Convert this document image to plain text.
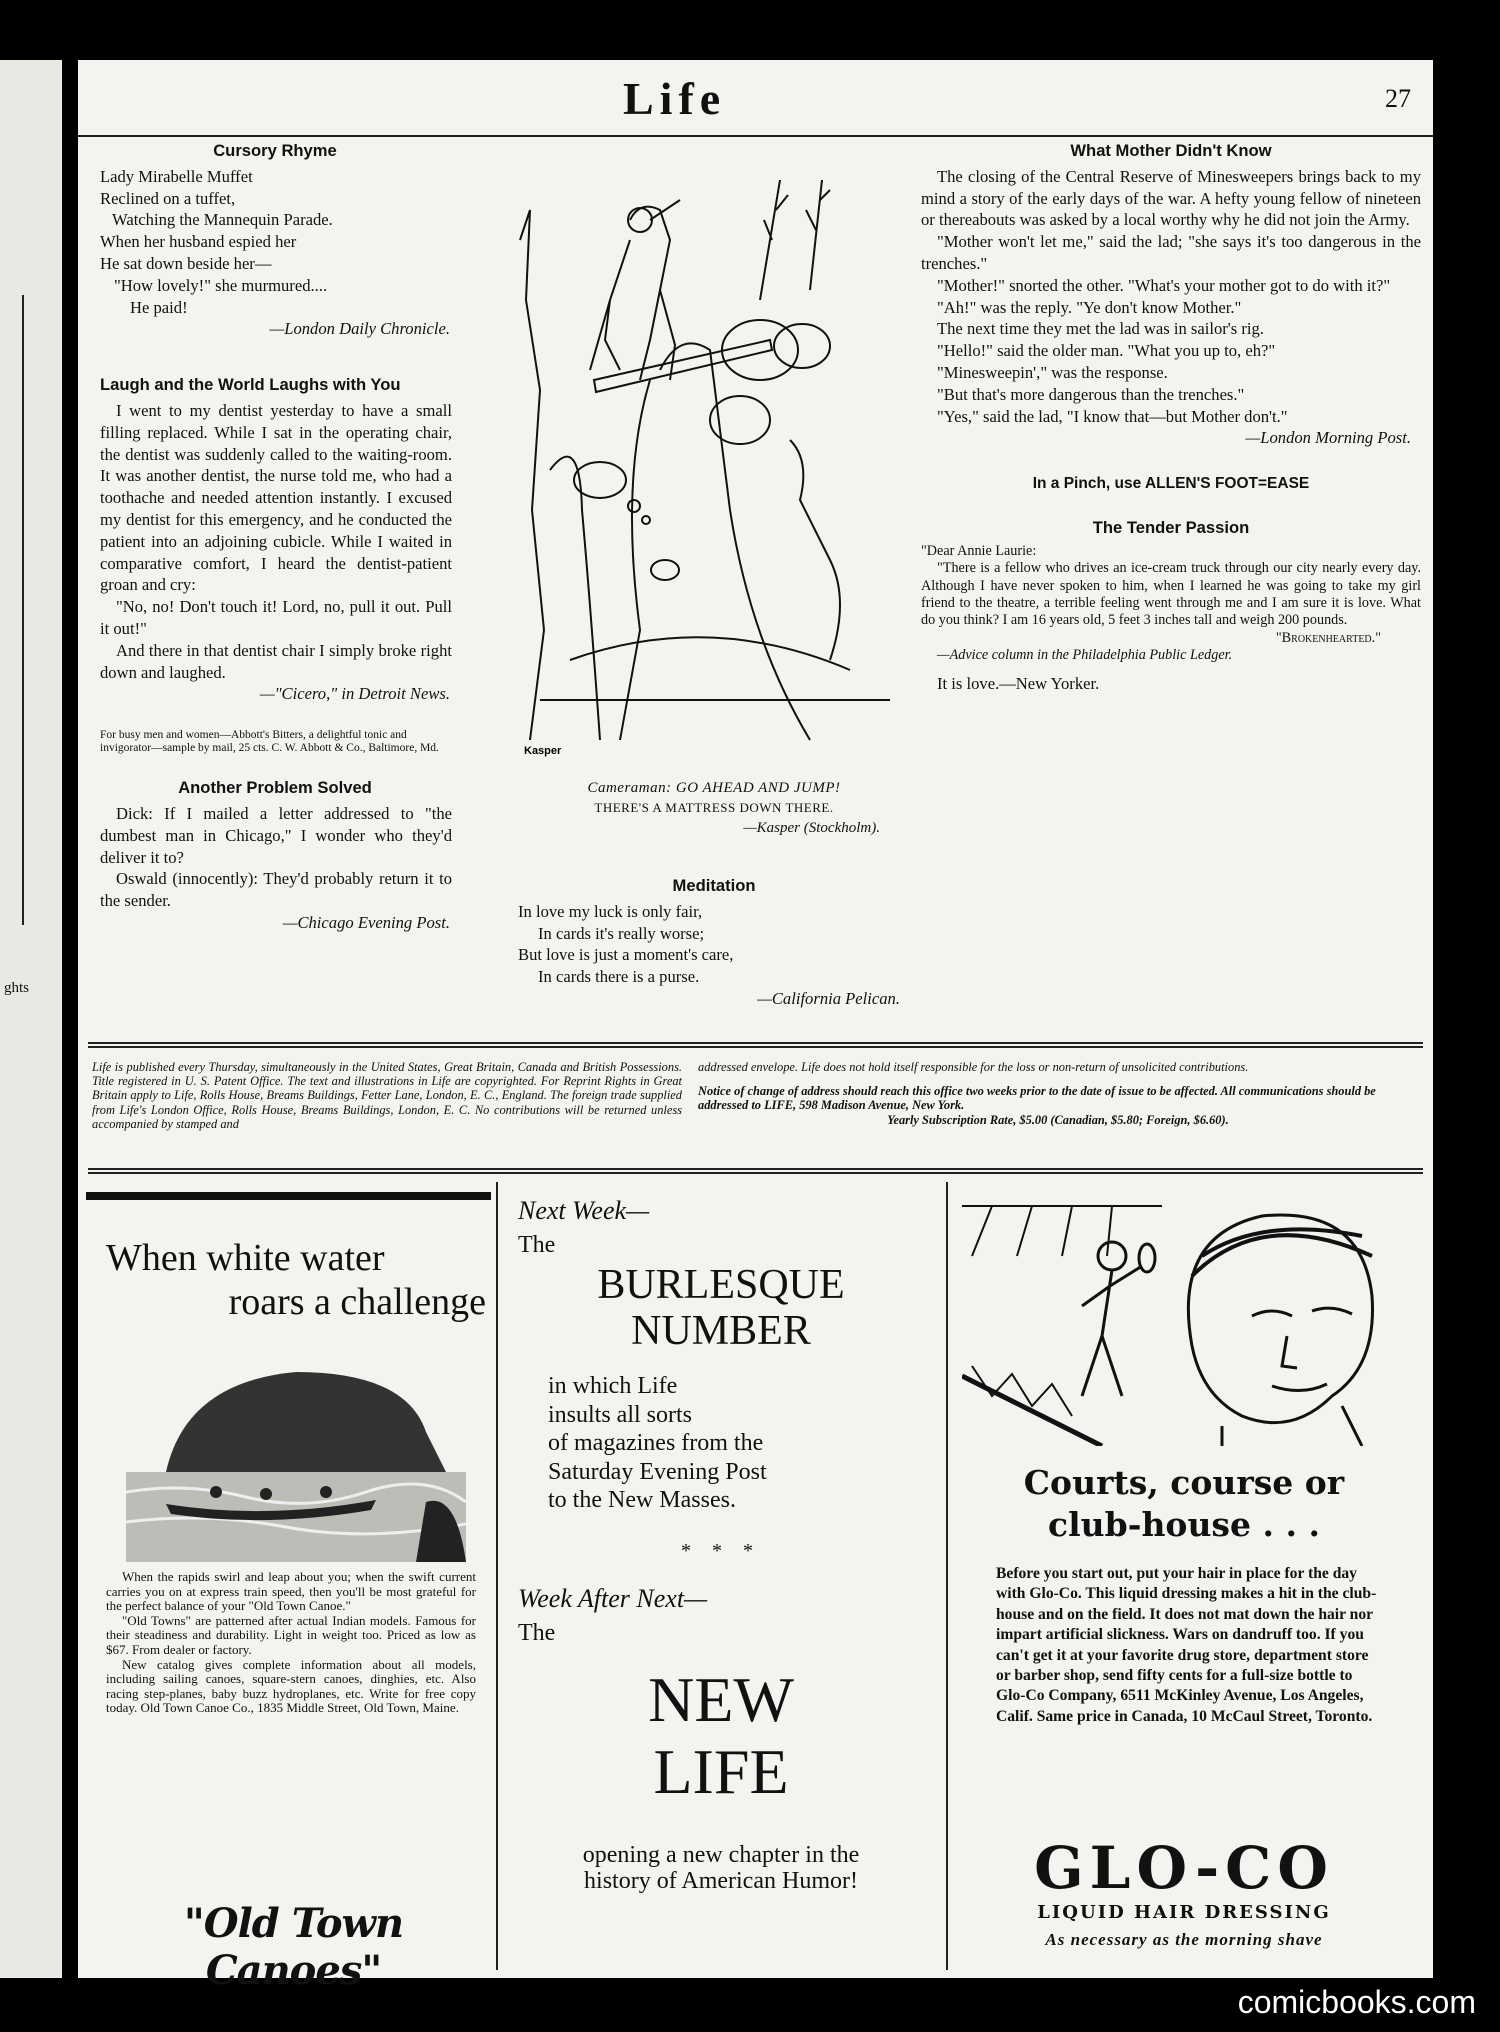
ghts
Life	27
Cursory Rhyme

Lady Mirabelle Muffet

Reclined on a tuffet,

Watching the Mannequin Parade.

When her husband espied her

He sat down beside her—

"How lovely!" she murmured....

He paid!

—London Daily Chronicle.

Laugh and the World Laughs with You

I went to my dentist yesterday to have a small filling replaced. While I sat in the operating chair, the dentist was suddenly called to the waiting-room. It was another dentist, the nurse told me, who had a toothache and needed attention instantly. I excused my dentist for this emergency, and he conducted the patient into an adjoining cubicle. While I waited in comparative comfort, I heard the dentist-patient groan and cry:

"No, no! Don't touch it! Lord, no, pull it out. Pull it out!"

And there in that dentist chair I simply broke right down and laughed.

—"Cicero," in Detroit News.

For busy men and women—Abbott's Bitters, a delightful tonic and invigorator—sample by mail, 25 cts. C. W. Abbott & Co., Baltimore, Md.

Another Problem Solved

Dick: If I mailed a letter addressed to "the dumbest man in Chicago," I wonder who they'd deliver it to?

Oswald (innocently): They'd probably return it to the sender.

—Chicago Evening Post.

Kasper

Cameraman: GO AHEAD AND JUMP!

THERE'S A MATTRESS DOWN THERE.

—Kasper (Stockholm).

Meditation

In love my luck is only fair,

In cards it's really worse;

But love is just a moment's care,

In cards there is a purse.

—California Pelican.

What Mother Didn't Know

The closing of the Central Reserve of Minesweepers brings back to my mind a story of the early days of the war. A hefty young fellow of nineteen or thereabouts was asked by a local worthy why he did not join the Army.

"Mother won't let me," said the lad; "she says it's too dangerous in the trenches."

"Mother!" snorted the other. "What's your mother got to do with it?"

"Ah!" was the reply. "Ye don't know Mother."

The next time they met the lad was in sailor's rig.

"Hello!" said the older man. "What you up to, eh?"

"Minesweepin'," was the response.

"But that's more dangerous than the trenches."

"Yes," said the lad, "I know that—but Mother don't."

—London Morning Post.

In a Pinch, use ALLEN'S FOOT=EASE

The Tender Passion

"Dear Annie Laurie:

"There is a fellow who drives an ice-cream truck through our city nearly every day. Although I have never spoken to him, when I learned he was going to take my girl friend to the theatre, a terrible feeling went through me and I am sure it is love. What do you think? I am 16 years old, 5 feet 3 inches tall and weigh 200 pounds.

"Brokenhearted."

—Advice column in the Philadelphia Public Ledger.

It is love.—New Yorker.

Life is published every Thursday, simultaneously in the United States, Great Britain, Canada and British Possessions. Title registered in U. S. Patent Office. The text and illustrations in Life are copyrighted. For Reprint Rights in Great Britain apply to Life, Rolls House, Breams Buildings, Fetter Lane, London, E. C., England. The foreign trade supplied from Life's London Office, Rolls House, Breams Buildings, London, E. C. No contributions will be returned unless accompanied by stamped and

addressed envelope. Life does not hold itself responsible for the loss or non-return of unsolicited contributions.

Notice of change of address should reach this office two weeks prior to the date of issue to be affected. All communications should be addressed to LIFE, 598 Madison Avenue, New York.

Yearly Subscription Rate, $5.00 (Canadian, $5.80; Foreign, $6.60).

When white water

roars a challenge

When the rapids swirl and leap about you; when the swift current carries you on at express train speed, then you'll be most grateful for the perfect balance of your "Old Town Canoe."

"Old Towns" are patterned after actual Indian models. Famous for their steadiness and durability. Light in weight too. Priced as low as $67. From dealer or factory.

New catalog gives complete information about all models, including sailing canoes, square-stern canoes, dinghies, etc. Also racing step-planes, baby buzz hydroplanes, etc. Write for free copy today. Old Town Canoe Co., 1835 Middle Street, Old Town, Maine.

"Old Town Canoes"

Next Week—

The

BURLESQUE

NUMBER

in which Life

insults all sorts

of magazines from the

Saturday Evening Post

to the New Masses.

* * *

Week After Next—

The

NEW

LIFE

opening a new chapter in the

history of American Humor!

Courts, course or

club-house . . .

Before you start out, put your hair in place for the day with Glo-Co. This liquid dressing makes a hit in the club-house and on the field. It does not mat down the hair nor impart artificial slickness. Wars on dandruff too. If you can't get it at your favorite drug store, department store or barber shop, send fifty cents for a full-size bottle to Glo-Co Company, 6511 McKinley Avenue, Los Angeles, Calif. Same price in Canada, 10 McCaul Street, Toronto.

GLO-CO

LIQUID HAIR DRESSING

As necessary as the morning shave

comicbooks.com
